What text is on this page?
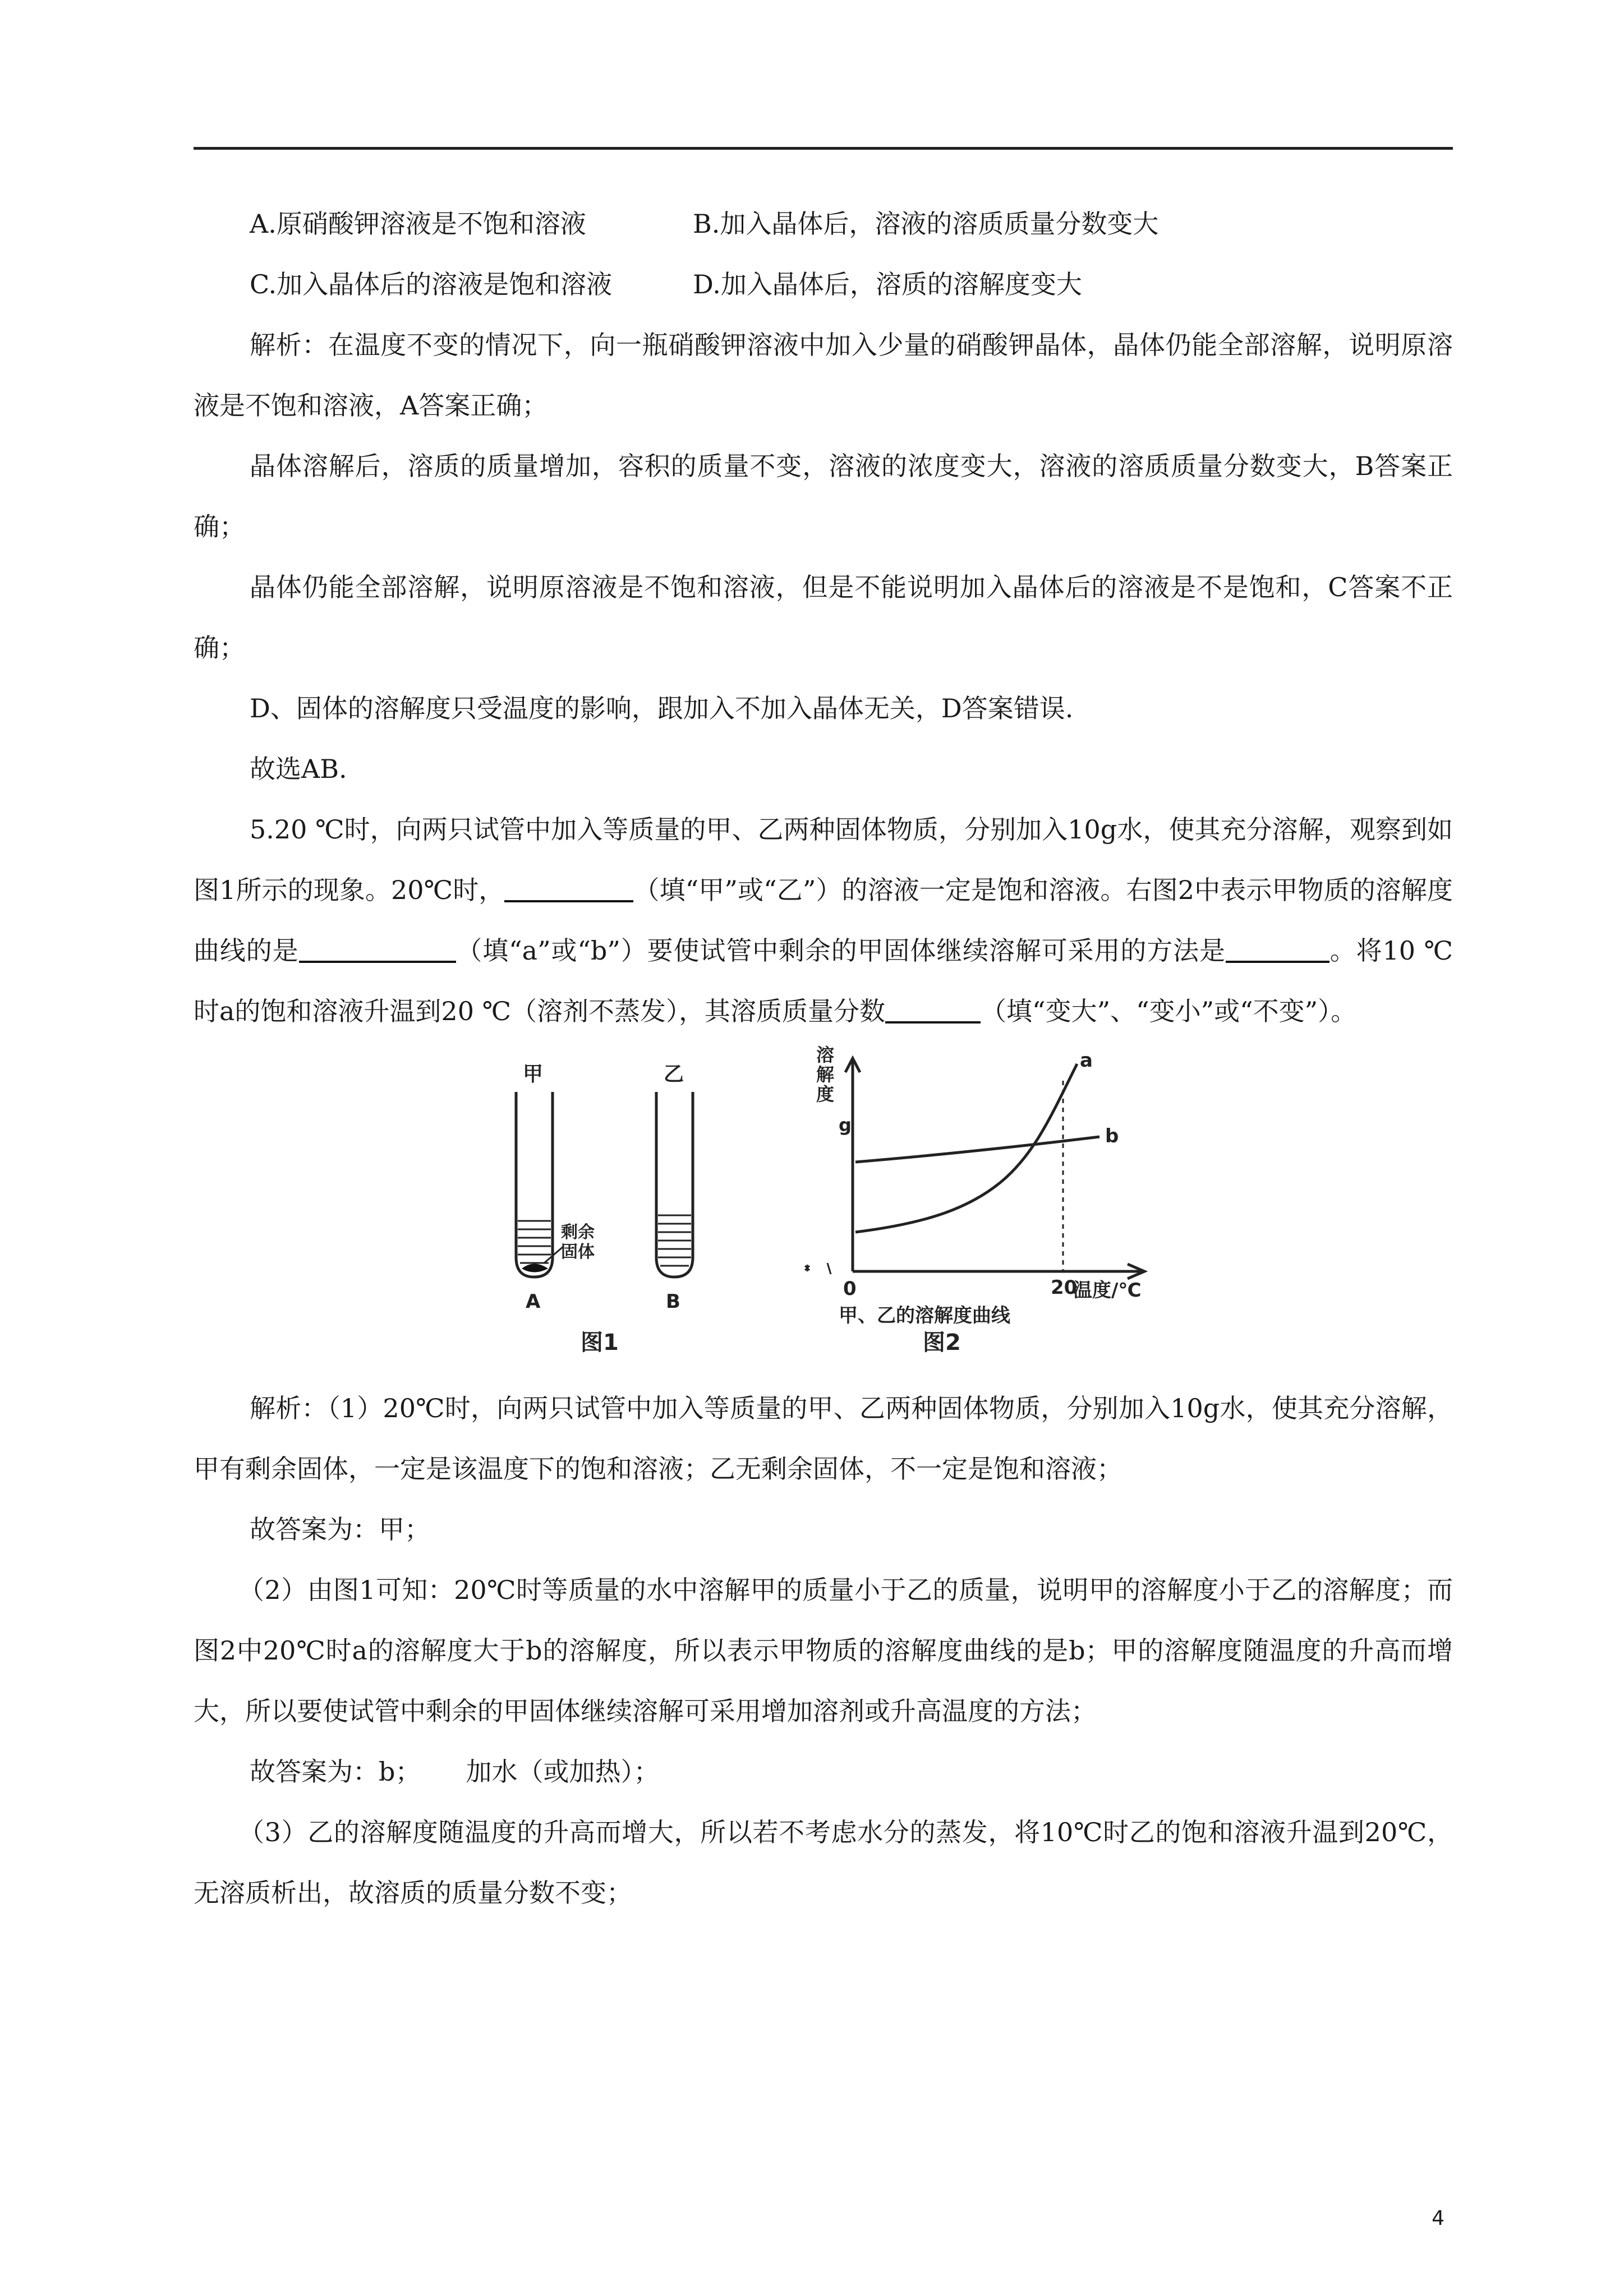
A.原硝酸钾溶液是不饱和溶液	B.加入晶体后，溶液的溶质质量分数变大
C.加入晶体后的溶液是饱和溶液	D.加入晶体后，溶质的溶解度变大

解析：在温度不变的情况下，向一瓶硝酸钾溶液中加入少量的硝酸钾晶体，晶体仍能全部溶解，说明原溶液是不饱和溶液，A答案正确；

晶体溶解后，溶质的质量增加，容积的质量不变，溶液的浓度变大，溶液的溶质质量分数变大，B答案正确；

晶体仍能全部溶解，说明原溶液是不饱和溶液，但是不能说明加入晶体后的溶液是不是饱和，C答案不正确；

D、固体的溶解度只受温度的影响，跟加入不加入晶体无关，D答案错误.

故选AB.

5.20 ℃时，向两只试管中加入等质量的甲、乙两种固体物质，分别加入10g水，使其充分溶解，观察到如图1所示的现象。20℃时，	（填“甲”或“乙”）的溶液一定是饱和溶液。右图2中表示甲物质的溶解度曲线的是	（填“a”或“b”）要使试管中剩余的甲固体继续溶解可采用的方法是	。将10 ℃时a的饱和溶液升温到20 ℃（溶剂不蒸发），其溶质质量分数	（填“变大”、“变小”或“不变”）。

甲	乙
剩余
固体
A	B
图1
溶
解
度
g
a
b
0	20
温度/℃
甲、乙的溶解度曲线
图2

解析：（1）20℃时，向两只试管中加入等质量的甲、乙两种固体物质，分别加入10g水，使其充分溶解，甲有剩余固体，一定是该温度下的饱和溶液；乙无剩余固体，不一定是饱和溶液；

故答案为：甲；

（2）由图1可知：20℃时等质量的水中溶解甲的质量小于乙的质量，说明甲的溶解度小于乙的溶解度；而图2中20℃时a的溶解度大于b的溶解度，所以表示甲物质的溶解度曲线的是b；甲的溶解度随温度的升高而增大，所以要使试管中剩余的甲固体继续溶解可采用增加溶剂或升高温度的方法；

故答案为：b； 加水（或加热）；

（3）乙的溶解度随温度的升高而增大，所以若不考虑水分的蒸发，将10℃时乙的饱和溶液升温到20℃，无溶质析出，故溶质的质量分数不变；

4
